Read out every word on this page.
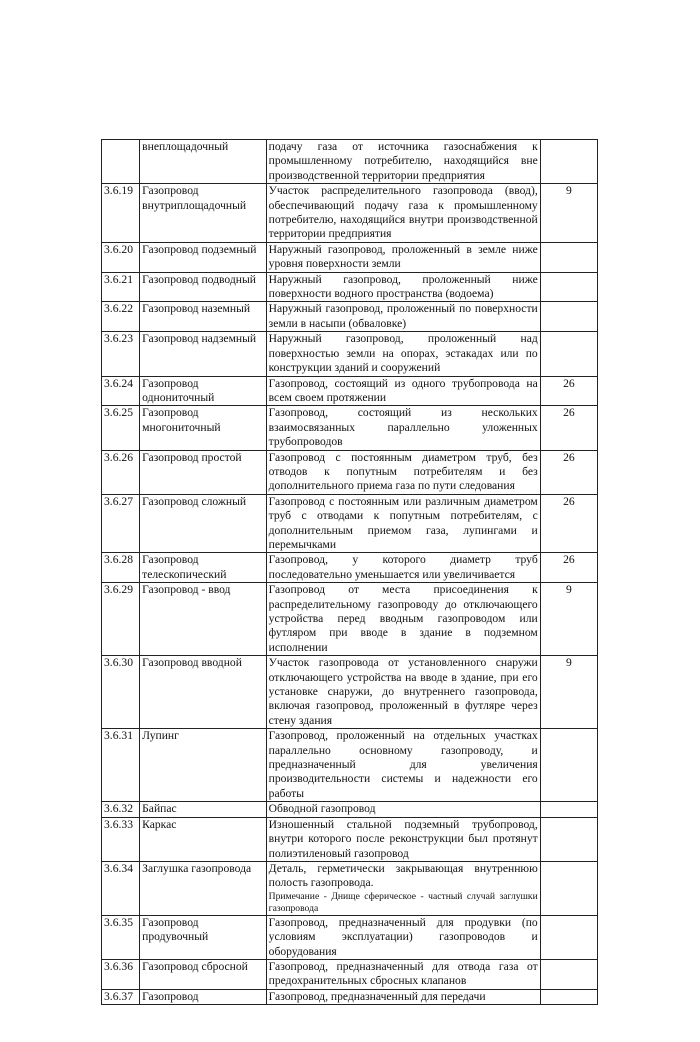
	внеплощадочный	подачу газа от источника газоснабжения к промышленному потребителю, находящийся вне производственной территории предприятия	
3.6.19	Газопровод внутриплощадочный	Участок распределительного газопровода (ввод), обеспечивающий подачу газа к промышленному потребителю, находящийся внутри производственной территории предприятия	9
3.6.20	Газопровод подземный	Наружный газопровод, проложенный в земле ниже уровня поверхности земли	
3.6.21	Газопровод подводный	Наружный газопровод, проложенный ниже поверхности водного пространства (водоема)	
3.6.22	Газопровод наземный	Наружный газопровод, проложенный по поверхности земли в насыпи (обваловке)	
3.6.23	Газопровод надземный	Наружный газопровод, проложенный над поверхностью земли на опорах, эстакадах или по конструкции зданий и сооружений	
3.6.24	Газопровод однониточный	Газопровод, состоящий из одного трубопровода на всем своем протяжении	26
3.6.25	Газопровод многониточный	Газопровод, состоящий из нескольких взаимосвязанных параллельно уложенных трубопроводов	26
3.6.26	Газопровод простой	Газопровод с постоянным диаметром труб, без отводов к попутным потребителям и без дополнительного приема газа по пути следования	26
3.6.27	Газопровод сложный	Газопровод с постоянным или различным диаметром труб с отводами к попутным потребителям, с дополнительным приемом газа, лупингами и перемычками	26
3.6.28	Газопровод телескопический	Газопровод, у которого диаметр труб последовательно уменьшается или увеличивается	26
3.6.29	Газопровод - ввод	Газопровод от места присоединения к распределительному газопроводу до отключающего устройства перед вводным газопроводом или футляром при вводе в здание в подземном исполнении	9
3.6.30	Газопровод вводной	Участок газопровода от установленного снаружи отключающего устройства на вводе в здание, при его установке снаружи, до внутреннего газопровода, включая газопровод, проложенный в футляре через стену здания	9
3.6.31	Лупинг	Газопровод, проложенный на отдельных участках параллельно основному газопроводу, и предназначенный для увеличения производительности системы и надежности его работы	
3.6.32	Байпас	Обводной газопровод	
3.6.33	Каркас	Изношенный стальной подземный трубопровод, внутри которого после реконструкции был протянут полиэтиленовый газопровод	
3.6.34	Заглушка газопровода	Деталь, герметически закрывающая внутреннюю полость газопровода.
Примечание - Днище сферическое - частный случай заглушки газопровода	

3.6.35	Газопровод продувочный	Газопровод, предназначенный для продувки (по условиям эксплуатации) газопроводов и оборудования	
3.6.36	Газопровод сбросной	Газопровод, предназначенный для отвода газа от предохранительных сбросных клапанов	
3.6.37	Газопровод	Газопровод, предназначенный для передачи	
